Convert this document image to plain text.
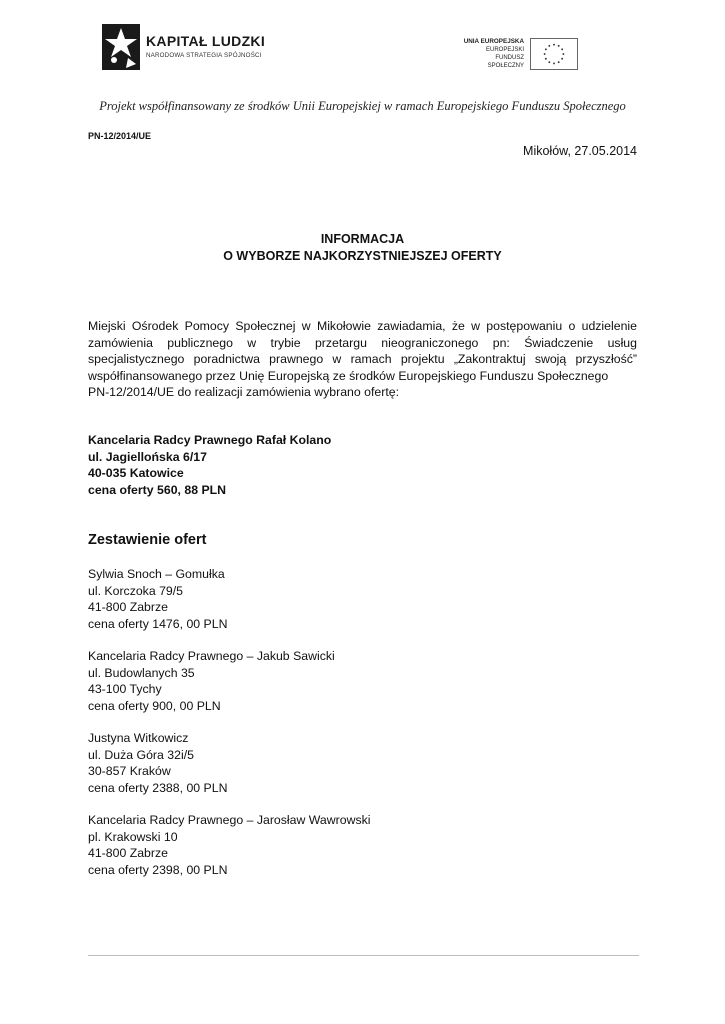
KAPITAŁ LUDZKI
NARODOWA STRATEGIA SPÓJNOŚCI
UNIA EUROPEJSKA
EUROPEJSKI
FUNDUSZ SPOŁECZNY
Projekt współfinansowany ze środków Unii Europejskiej w ramach Europejskiego Funduszu Społecznego
PN-12/2014/UE
Mikołów, 27.05.2014
INFORMACJA
O WYBORZE NAJKORZYSTNIEJSZEJ OFERTY

Miejski Ośrodek Pomocy Społecznej w Mikołowie zawiadamia, że w postępowaniu o udzielenie zamówienia publicznego w trybie przetargu nieograniczonego pn: Świadczenie usług specjalistycznego poradnictwa prawnego w ramach projektu „Zakontraktuj swoją przyszłość” współfinansowanego przez Unię Europejską ze środków Europejskiego Funduszu Społecznego
PN-12/2014/UE do realizacji zamówienia wybrano ofertę:

Kancelaria Radcy Prawnego Rafał Kolano
ul. Jagiellońska 6/17
40-035 Katowice
cena oferty 560, 88 PLN
Zestawienie ofert
Sylwia Snoch – Gomułka
ul. Korczoka 79/5
41-800 Zabrze
cena oferty 1476, 00 PLN
Kancelaria Radcy Prawnego – Jakub Sawicki
ul. Budowlanych 35
43-100 Tychy
cena oferty 900, 00 PLN
Justyna Witkowicz
ul. Duża Góra 32i/5
30-857 Kraków
cena oferty 2388, 00 PLN
Kancelaria Radcy Prawnego – Jarosław Wawrowski
pl. Krakowski 10
41-800 Zabrze
cena oferty 2398, 00 PLN
